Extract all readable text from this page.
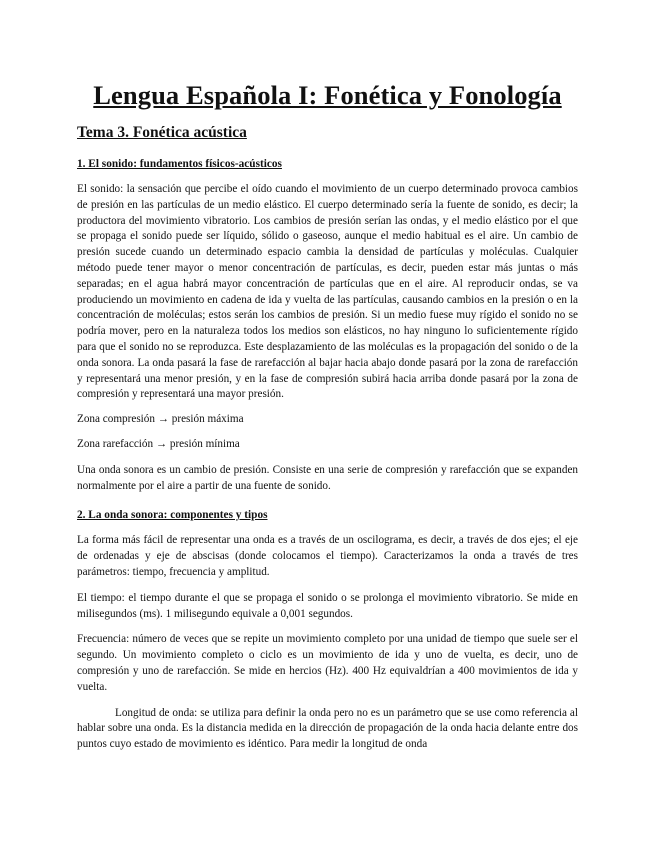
Lengua Española I: Fonética y Fonología
Tema 3. Fonética acústica
1. El sonido: fundamentos físicos-acústicos

El sonido: la sensación que percibe el oído cuando el movimiento de un cuerpo determinado provoca cambios de presión en las partículas de un medio elástico. El cuerpo determinado sería la fuente de sonido, es decir; la productora del movimiento vibratorio. Los cambios de presión serían las ondas, y el medio elástico por el que se propaga el sonido puede ser líquido, sólido o gaseoso, aunque el medio habitual es el aire. Un cambio de presión sucede cuando un determinado espacio cambia la densidad de partículas y moléculas. Cualquier método puede tener mayor o menor concentración de partículas, es decir, pueden estar más juntas o más separadas; en el agua habrá mayor concentración de partículas que en el aire. Al reproducir ondas, se va produciendo un movimiento en cadena de ida y vuelta de las partículas, causando cambios en la presión o en la concentración de moléculas; estos serán los cambios de presión. Si un medio fuese muy rígido el sonido no se podría mover, pero en la naturaleza todos los medios son elásticos, no hay ninguno lo suficientemente rígido para que el sonido no se reproduzca. Este desplazamiento de las moléculas es la propagación del sonido o de la onda sonora. La onda pasará la fase de rarefacción al bajar hacia abajo donde pasará por la zona de rarefacción y representará una menor presión, y en la fase de compresión subirá hacia arriba donde pasará por la zona de compresión y representará una mayor presión.

Zona compresión → presión máxima

Zona rarefacción → presión mínima

Una onda sonora es un cambio de presión. Consiste en una serie de compresión y rarefacción que se expanden normalmente por el aire a partir de una fuente de sonido.

2. La onda sonora: componentes y tipos

La forma más fácil de representar una onda es a través de un oscilograma, es decir, a través de dos ejes; el eje de ordenadas y eje de abscisas (donde colocamos el tiempo). Caracterizamos la onda a través de tres parámetros: tiempo, frecuencia y amplitud.

El tiempo: el tiempo durante el que se propaga el sonido o se prolonga el movimiento vibratorio. Se mide en milisegundos (ms). 1 milisegundo equivale a 0,001 segundos.

Frecuencia: número de veces que se repite un movimiento completo por una unidad de tiempo que suele ser el segundo. Un movimiento completo o ciclo es un movimiento de ida y uno de vuelta, es decir, uno de compresión y uno de rarefacción. Se mide en hercios (Hz). 400 Hz equivaldrían a 400 movimientos de ida y vuelta.

Longitud de onda: se utiliza para definir la onda pero no es un parámetro que se use como referencia al hablar sobre una onda. Es la distancia medida en la dirección de propagación de la onda hacia delante entre dos puntos cuyo estado de movimiento es idéntico. Para medir la longitud de onda
